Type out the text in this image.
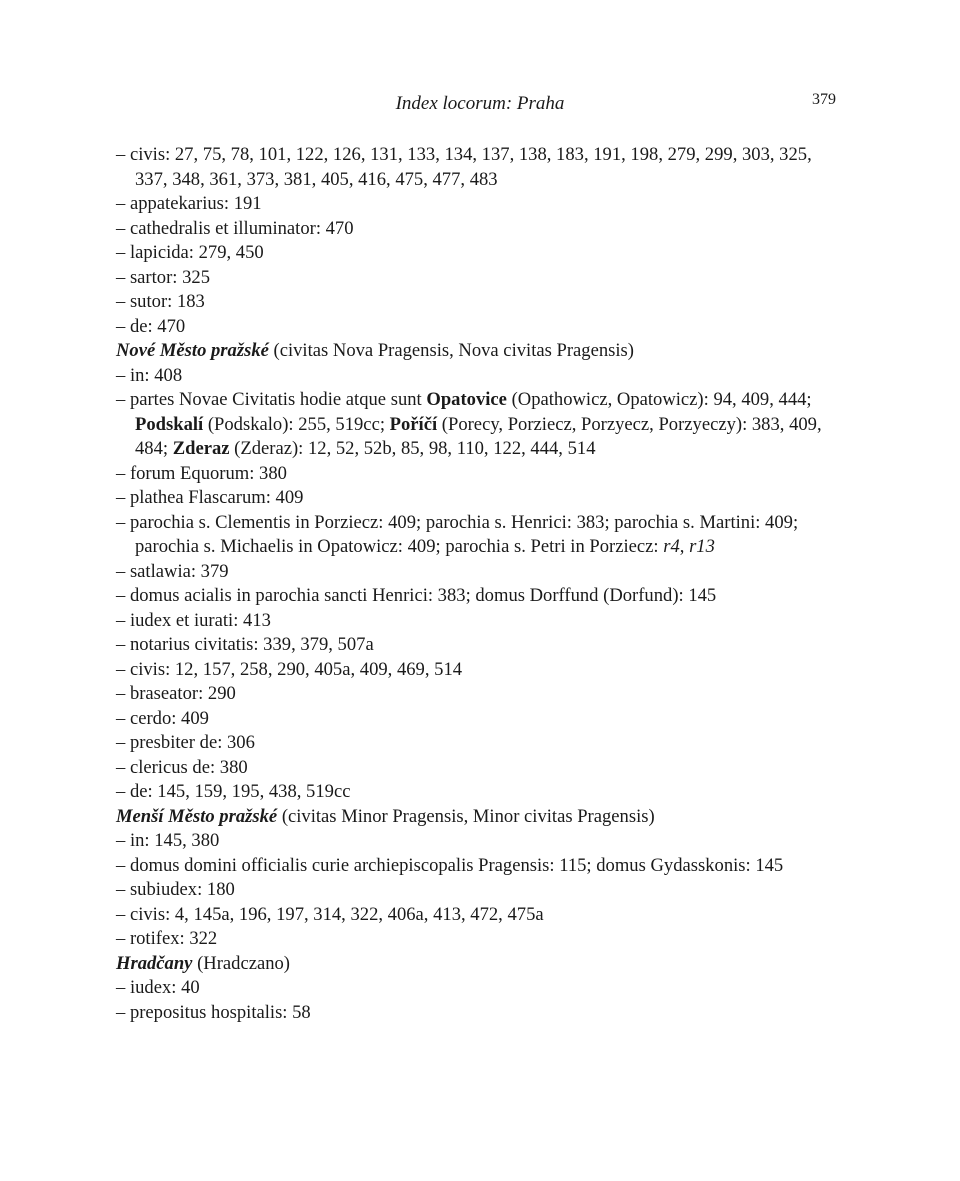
Index locorum: Praha	379

– civis: 27, 75, 78, 101, 122, 126, 131, 133, 134, 137, 138, 183, 191, 198, 279, 299, 303, 325, 337, 348, 361, 373, 381, 405, 416, 475, 477, 483

– appatekarius: 191

– cathedralis et illuminator: 470

– lapicida: 279, 450

– sartor: 325

– sutor: 183

– de: 470

Nové Město pražské (civitas Nova Pragensis, Nova civitas Pragensis)

– in: 408

– partes Novae Civitatis hodie atque sunt Opatovice (Opathowicz, Opatowicz): 94, 409, 444; Podskalí (Podskalo): 255, 519cc; Poříčí (Porecy, Porziecz, Porzyecz, Porzyeczy): 383, 409, 484; Zderaz (Zderaz): 12, 52, 52b, 85, 98, 110, 122, 444, 514

– forum Equorum: 380

– plathea Flascarum: 409

– parochia s. Clementis in Porziecz: 409; parochia s. Henrici: 383; parochia s. Martini: 409; parochia s. Michaelis in Opatowicz: 409; parochia s. Petri in Porziecz: r4, r13

– satlawia: 379

– domus acialis in parochia sancti Henrici: 383; domus Dorffund (Dorfund): 145

– iudex et iurati: 413

– notarius civitatis: 339, 379, 507a

– civis: 12, 157, 258, 290, 405a, 409, 469, 514

– braseator: 290

– cerdo: 409

– presbiter de: 306

– clericus de: 380

– de: 145, 159, 195, 438, 519cc

Menší Město pražské (civitas Minor Pragensis, Minor civitas Pragensis)

– in: 145, 380

– domus domini officialis curie archiepiscopalis Pragensis: 115; domus Gydasskonis: 145

– subiudex: 180

– civis: 4, 145a, 196, 197, 314, 322, 406a, 413, 472, 475a

– rotifex: 322

Hradčany (Hradczano)

– iudex: 40

– prepositus hospitalis: 58
